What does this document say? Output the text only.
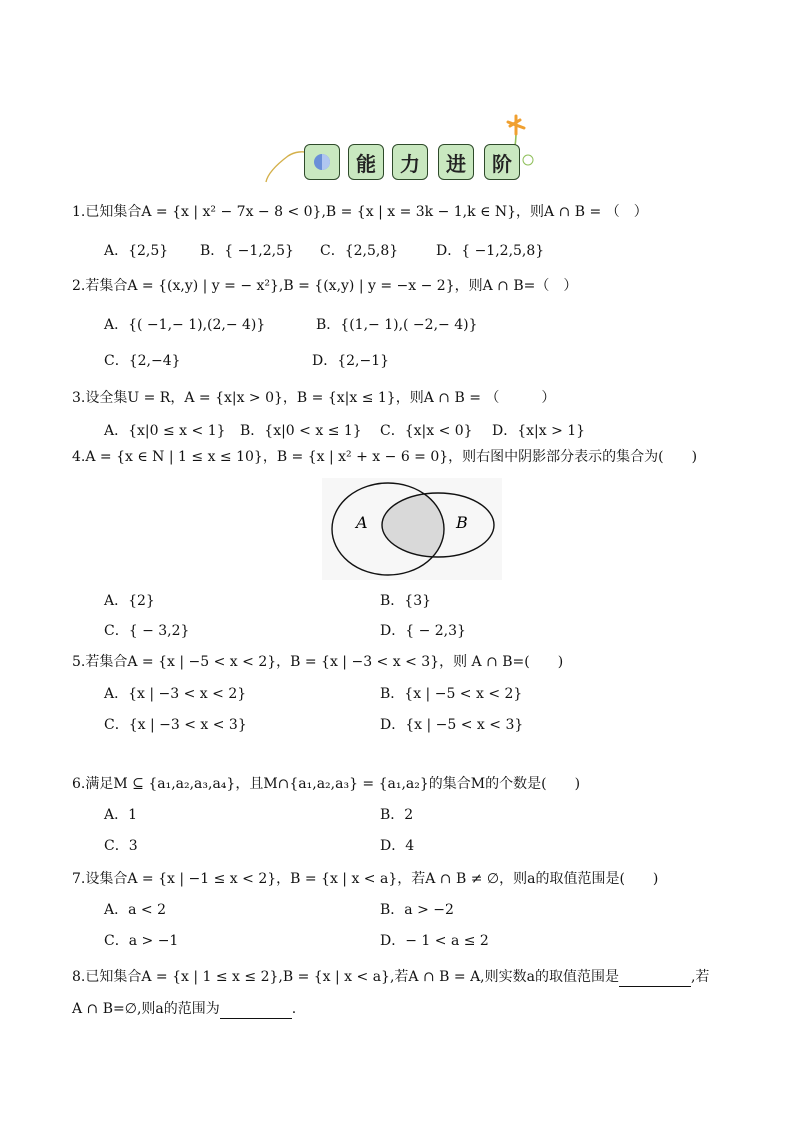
能	力	进	阶
1.已知集合A = {x | x² − 7x − 8 < 0},B = {x | x = 3k − 1,k ∈ N}，则A ∩ B = （　）
A．{2,5} B．{ −1,2,5} C．{2,5,8}	D．{ −1,2,5,8}
2.若集合A = {(x,y) | y = − x²},B = {(x,y) | y = −x − 2}，则A ∩ B=（　）
A．{( −1,− 1),(2,− 4)}	B．{(1,− 1),( −2,− 4)}
C．{2,−4}	D．{2,−1}
3.设全集U = R，A = {x|x > 0}，B = {x|x ≤ 1}，则A ∩ B = （　　　）
A．{x|0 ≤ x < 1} B．{x|0 < x ≤ 1} C．{x|x < 0} D．{x|x > 1}
4.A = {x ∈ N | 1 ≤ x ≤ 10}，B = {x | x² + x − 6 = 0}，则右图中阴影部分表示的集合为(　　)
A	B
A．{2}	B．{3}
C．{ − 3,2}	D．{ − 2,3}
5.若集合A = {x | −5 < x < 2}，B = {x | −3 < x < 3}，则 A ∩ B=(　　)
A．{x | −3 < x < 2}	B．{x | −5 < x < 2}
C．{x | −3 < x < 3}	D．{x | −5 < x < 3}
6.满足M ⊆ {a₁,a₂,a₃,a₄}，且M∩{a₁,a₂,a₃} = {a₁,a₂}的集合M的个数是(　　)
A．1	B．2
C．3	D．4
7.设集合A = {x | −1 ≤ x < 2}，B = {x | x < a}，若A ∩ B ≠ ∅，则a的取值范围是(　　)
A．a < 2	B．a > −2
C．a > −1	D．− 1 < a ≤ 2
8.已知集合A = {x | 1 ≤ x ≤ 2},B = {x | x < a},若A ∩ B = A,则实数a的取值范围是	,若
A ∩ B=∅,则a的范围为	.
